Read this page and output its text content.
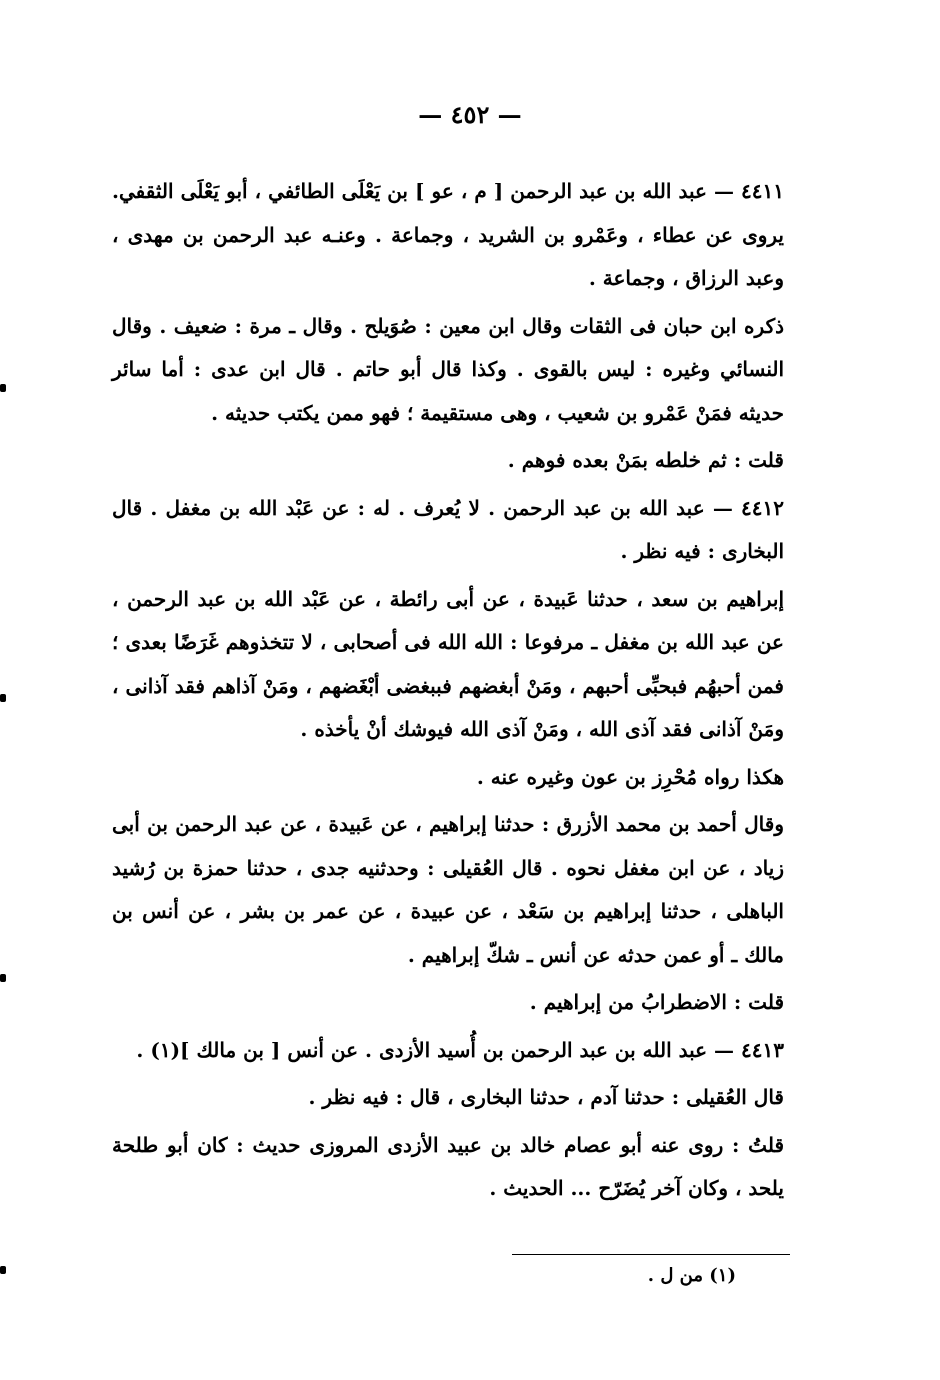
— ٤٥٢ —

٤٤١١ — عبد الله بن عبد الرحمن [ م ، عو ] بن يَعْلَى الطائفي ، أبو يَعْلَى الثقفي. يروى عن عطاء ، وعَمْرو بن الشريد ، وجماعة . وعنـه عبد الرحمن بن مهدى ، وعبد الرزاق ، وجماعة .

ذكره ابن حبان فى الثقات وقال ابن معين : صُوَيلح . وقال ـ مرة : ضعيف . وقال النسائي وغيره : ليس بالقوى . وكذا قال أبو حاتم . قال ابن عدى : أما سائر حديثه فمَنْ عَمْرو بن شعيب ، وهى مستقيمة ؛ فهو ممن يكتب حديثه .

قلت : ثم خلطه بمَنْ بعده فوهم .

٤٤١٢ — عبد الله بن عبد الرحمن . لا يُعرف . له : عن عَبْد الله بن مغفل . قال البخارى : فيه نظر .

إبراهيم بن سعد ، حدثنا عَبيدة ، عن أبى رائطة ، عن عَبْد الله بن عبد الرحمن ، عن عبد الله بن مغفل ـ مرفوعا : الله الله فى أصحابى ، لا تتخذوهم غَرَضًا بعدى ؛ فمن أحبهُم فبحبِّى أحبهم ، ومَنْ أبغضهم فببغضى أبْغَضهم ، ومَنْ آذاهم فقد آذانى ، ومَنْ آذانى فقد آذى الله ، ومَنْ آذى الله فيوشك أنْ يأخذه .

هكذا رواه مُحْرِز بن عون وغيره عنه .

وقال أحمد بن محمد الأزرق : حدثنا إبراهيم ، عن عَبيدة ، عن عبد الرحمن بن أبى زياد ، عن ابن مغفل نحوه . قال العُقيلى : وحدثنيه جدى ، حدثنا حمزة بن رُشيد الباهلى ، حدثنا إبراهيم بن سَعْد ، عن عبيدة ، عن عمر بن بشر ، عن أنس بن مالك ـ أو عمن حدثه عن أنس ـ شكّ إبراهيم .

قلت : الاضطرابُ من إبراهيم .

٤٤١٣ — عبد الله بن عبد الرحمن بن أُسيد الأزدى . عن أنس [ بن مالك ](١) .

قال العُقيلى : حدثنا آدم ، حدثنا البخارى ، قال : فيه نظر .

قلتُ : روى عنه أبو عصام خالد بن عبيد الأزدى المروزى حديث : كان أبو طلحة يلحد ، وكان آخر يُضَرّح ... الحديث .

(١) من ل .
